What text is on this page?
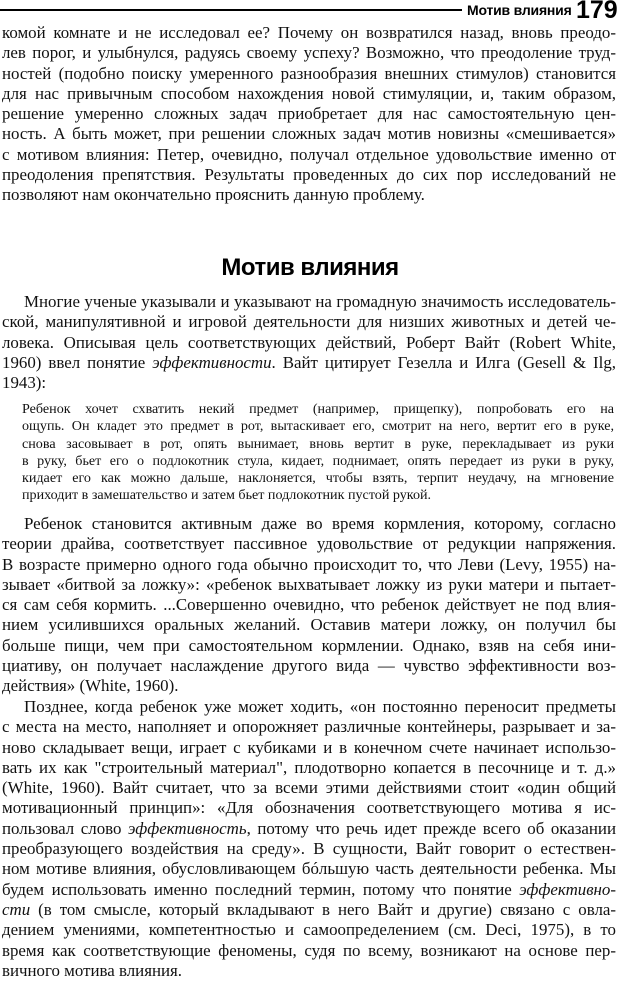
Мотив влияния 179
комой комнате и не исследовал ее? Почему он возвратился назад, вновь преодо-
лев порог, и улыбнулся, радуясь своему успеху? Возможно, что преодоление труд-
ностей (подобно поиску умеренного разнообразия внешних стимулов) становится
для нас привычным способом нахождения новой стимуляции, и, таким образом,
решение умеренно сложных задач приобретает для нас самостоятельную цен-
ность. А быть может, при решении сложных задач мотив новизны «смешивается»
с мотивом влияния: Петер, очевидно, получал отдельное удовольствие именно от
преодоления препятствия. Результаты проведенных до сих пор исследований не
позволяют нам окончательно прояснить данную проблему.
Мотив влияния
Многие ученые указывали и указывают на громадную значимость исследователь-
ской, манипулятивной и игровой деятельности для низших животных и детей че-
ловека. Описывая цель соответствующих действий, Роберт Вайт (Robert White,
1960) ввел понятие эффективности. Вайт цитирует Гезелла и Илга (Gesell & Ilg,
1943):
Ребенок хочет схватить некий предмет (например, прищепку), попробовать его на
ощупь. Он кладет это предмет в рот, вытаскивает его, смотрит на него, вертит его в руке,
снова засовывает в рот, опять вынимает, вновь вертит в руке, перекладывает из руки
в руку, бьет его о подлокотник стула, кидает, поднимает, опять передает из руки в руку,
кидает его как можно дальше, наклоняется, чтобы взять, терпит неудачу, на мгновение
приходит в замешательство и затем бьет подлокотник пустой рукой.
Ребенок становится активным даже во время кормления, которому, согласно
теории драйва, соответствует пассивное удовольствие от редукции напряжения.
В возрасте примерно одного года обычно происходит то, что Леви (Levy, 1955) на-
зывает «битвой за ложку»: «ребенок выхватывает ложку из руки матери и пытает-
ся сам себя кормить. ...Совершенно очевидно, что ребенок действует не под влия-
нием усилившихся оральных желаний. Оставив матери ложку, он получил бы
больше пищи, чем при самостоятельном кормлении. Однако, взяв на себя ини-
циативу, он получает наслаждение другого вида — чувство эффективности воз-
действия» (White, 1960).
Позднее, когда ребенок уже может ходить, «он постоянно переносит предметы
с места на место, наполняет и опорожняет различные контейнеры, разрывает и за-
ново складывает вещи, играет с кубиками и в конечном счете начинает использо-
вать их как "строительный материал", плодотворно копается в песочнице и т. д.»
(White, 1960). Вайт считает, что за всеми этими действиями стоит «один общий
мотивационный принцип»: «Для обозначения соответствующего мотива я ис-
пользовал слово эффективность, потому что речь идет прежде всего об оказании
преобразующего воздействия на среду». В сущности, Вайт говорит о естествен-
ном мотиве влияния, обусловливающем бóльшую часть деятельности ребенка. Мы
будем использовать именно последний термин, потому что понятие эффективно-
сти (в том смысле, который вкладывают в него Вайт и другие) связано с овла-
дением умениями, компетентностью и самоопределением (см. Deci, 1975), в то
время как соответствующие феномены, судя по всему, возникают на основе пер-
вичного мотива влияния.
